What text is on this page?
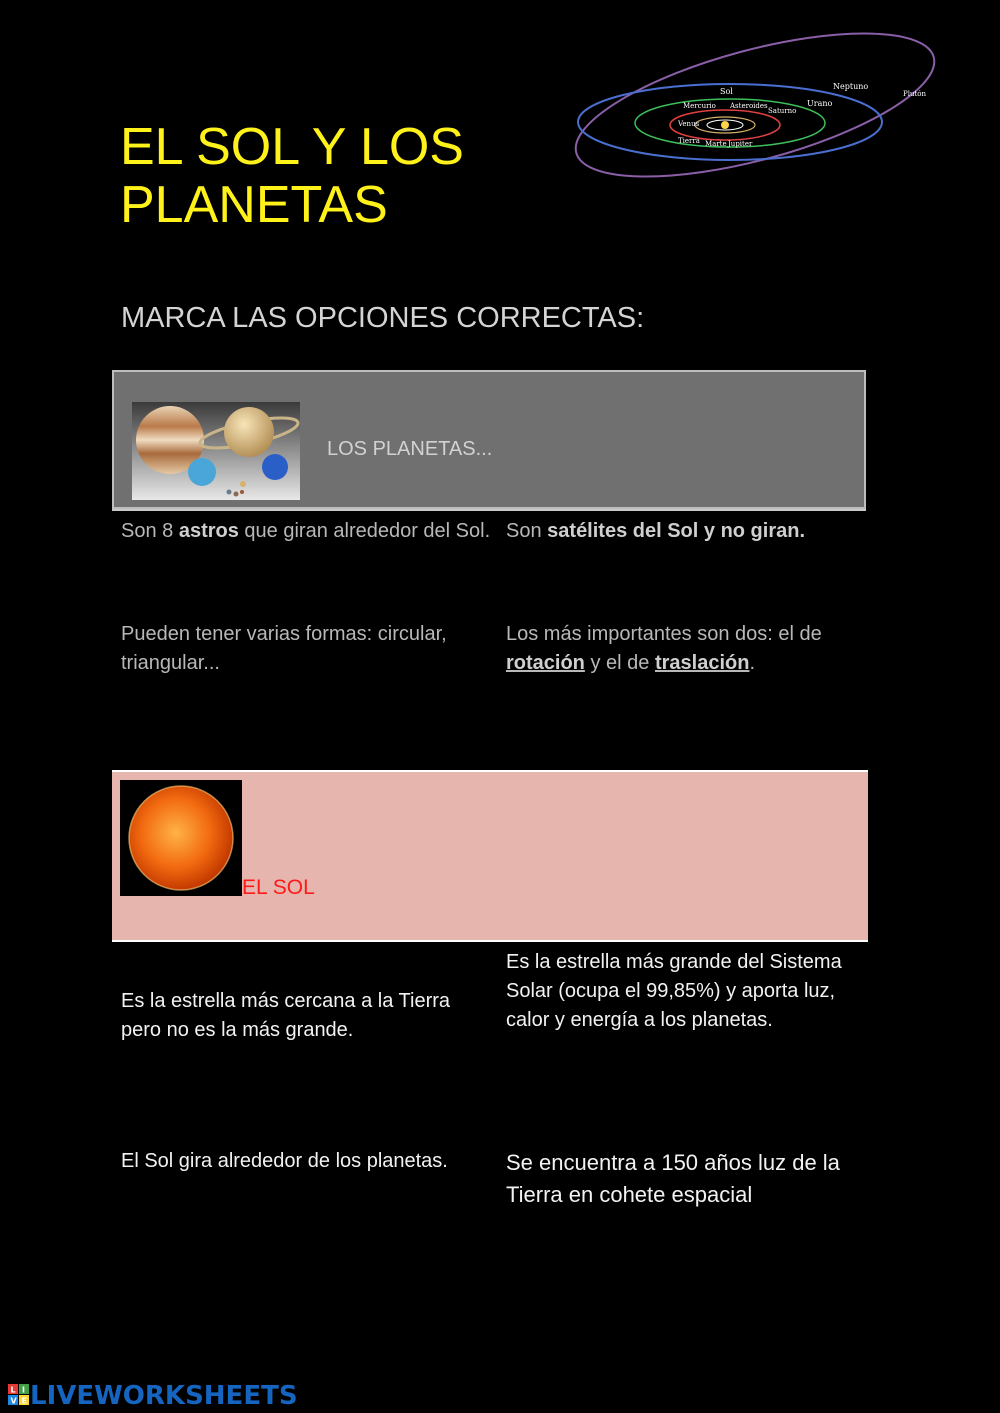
EL SOL Y LOS PLANETAS
Sol
Neptuno
Plutón
Urano
Mercurio Asteroides
Saturno
Venus
Tierra Marte Jupiter
MARCA LAS OPCIONES CORRECTAS:
LOS PLANETAS...
Son 8 astros que giran alrededor del Sol. Son satélites del Sol y no giran.
Pueden tener varias formas: circular, triangular...
Los más importantes son dos: el de rotación y el de traslación.
EL SOL
Es la estrella más cercana a la Tierra pero no es la más grande.
Es la estrella más grande del Sistema Solar (ocupa el 99,85%) y aporta luz, calor y energía a los planetas.
El Sol gira alrededor de los planetas.	Se encuentra a 150 años luz de la Tierra en cohete espacial
L I
V E LIVEWORKSHEETS
